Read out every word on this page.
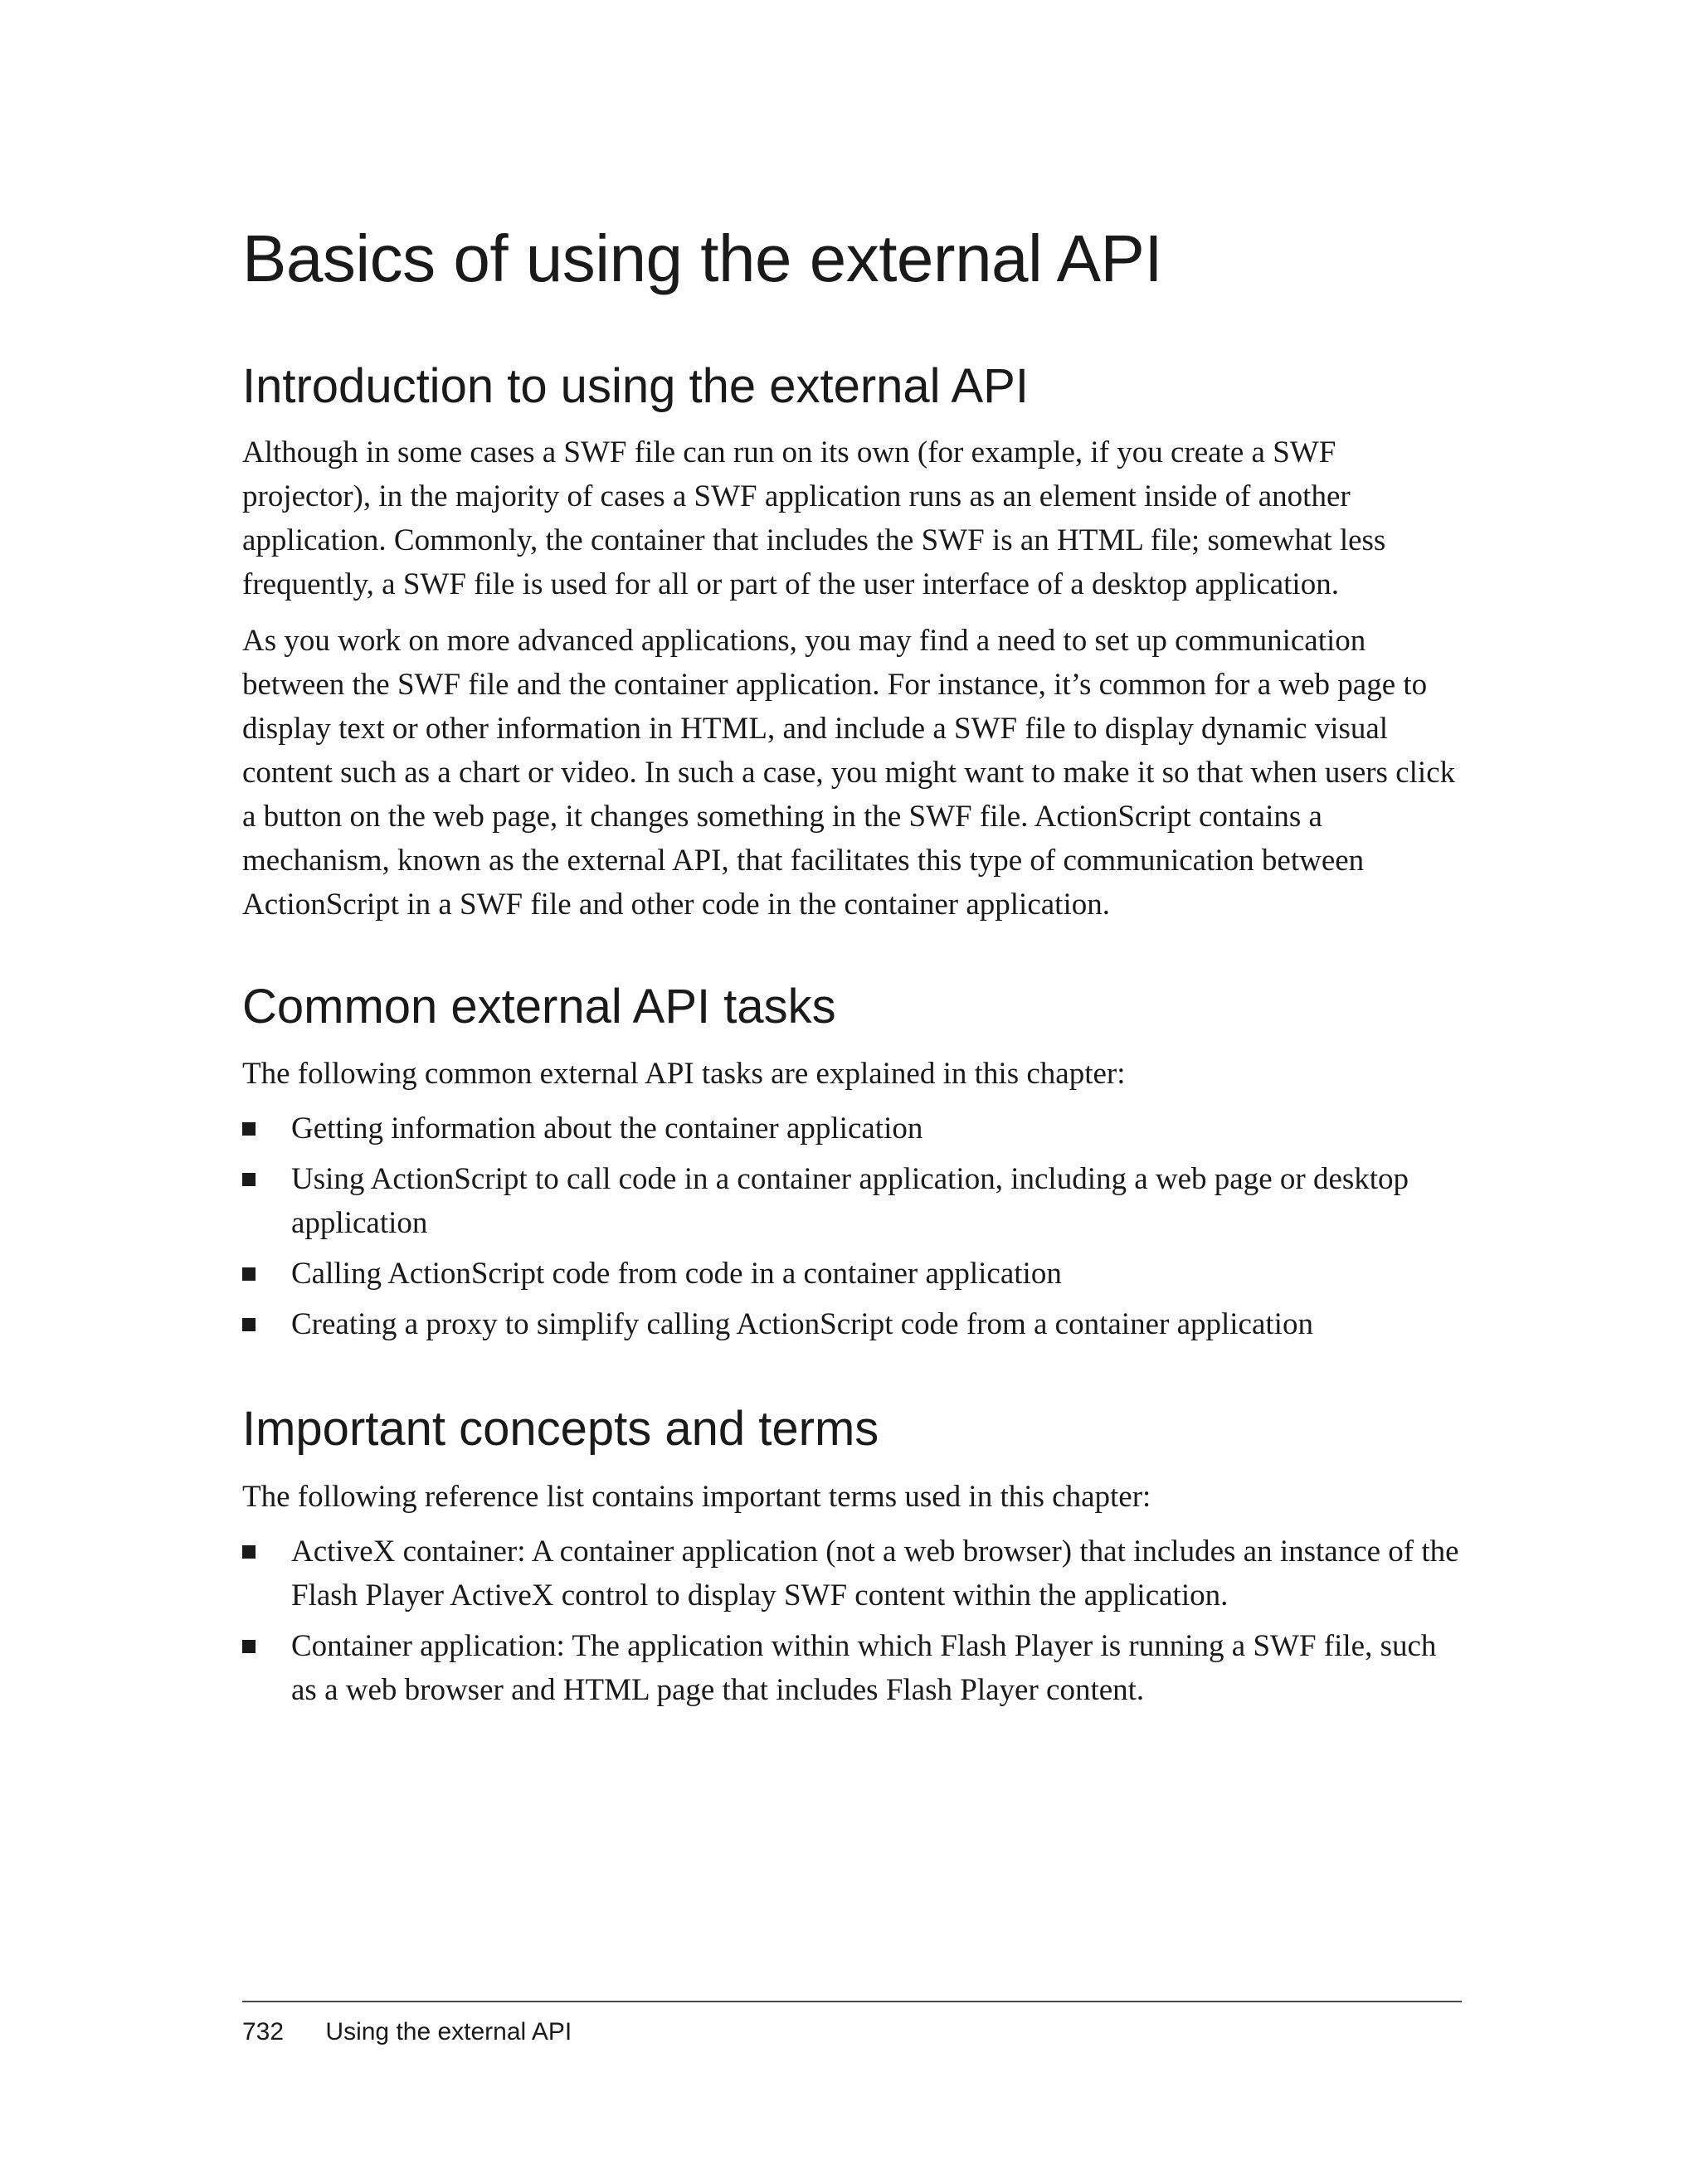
Basics of using the external API
Introduction to using the external API

Although in some cases a SWF file can run on its own (for example, if you create a SWF projector), in the majority of cases a SWF application runs as an element inside of another application. Commonly, the container that includes the SWF is an HTML file; somewhat less frequently, a SWF file is used for all or part of the user interface of a desktop application.

As you work on more advanced applications, you may find a need to set up communication between the SWF file and the container application. For instance, it’s common for a web page to display text or other information in HTML, and include a SWF file to display dynamic visual content such as a chart or video. In such a case, you might want to make it so that when users click a button on the web page, it changes something in the SWF file. ActionScript contains a mechanism, known as the external API, that facilitates this type of communication between ActionScript in a SWF file and other code in the container application.

Common external API tasks

The following common external API tasks are explained in this chapter:

Getting information about the container application
Using ActionScript to call code in a container application, including a web page or desktop application
Calling ActionScript code from code in a container application
Creating a proxy to simplify calling ActionScript code from a container application
Important concepts and terms

The following reference list contains important terms used in this chapter:

ActiveX container: A container application (not a web browser) that includes an instance of the Flash Player ActiveX control to display SWF content within the application.
Container application: The application within which Flash Player is running a SWF file, such as a web browser and HTML page that includes Flash Player content.
732 Using the external API
